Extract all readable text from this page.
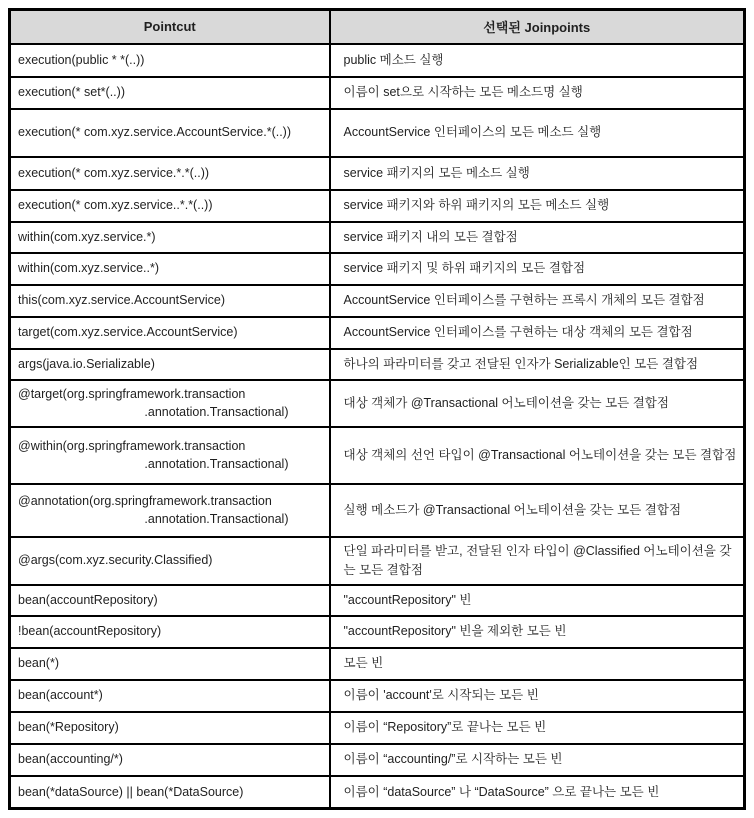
Pointcut	선택된 Joinpoints

execution(public * *(..))	public 메소드 실행

execution(* set*(..))	이름이 set으로 시작하는 모든 메소드명 실행

execution(* com.xyz.service.AccountService.*(..))	AccountService 인터페이스의 모든 메소드 실행

execution(* com.xyz.service.*.*(..))	service 패키지의 모든 메소드 실행

execution(* com.xyz.service..*.*(..))	service 패키지와 하위 패키지의 모든 메소드 실행

within(com.xyz.service.*)	service 패키지 내의 모든 결합점

within(com.xyz.service..*)	service 패키지 및 하위 패키지의 모든 결합점

this(com.xyz.service.AccountService)	AccountService 인터페이스를 구현하는 프록시 개체의 모든 결합점

target(com.xyz.service.AccountService)	AccountService 인터페이스를 구현하는 대상 객체의 모든 결합점

args(java.io.Serializable)	하나의 파라미터를 갖고 전달된 인자가 Serializable인 모든 결합점

@target(org.springframework.transaction
.annotation.Transactional)	대상 객체가 @Transactional 어노테이션을 갖는 모든 결합점

@within(org.springframework.transaction
.annotation.Transactional)	대상 객체의 선언 타입이 @Transactional 어노테이션을 갖는 모든 결합점

@annotation(org.springframework.transaction
.annotation.Transactional)	실행 메소드가 @Transactional 어노테이션을 갖는 모든 결합점

@args(com.xyz.security.Classified)	단일 파라미터를 받고, 전달된 인자 타입이 @Classified 어노테이션을 갖는 모든 결합점

bean(accountRepository)	"accountRepository" 빈

!bean(accountRepository)	"accountRepository" 빈을 제외한 모든 빈

bean(*)	모든 빈

bean(account*)	이름이 'account'로 시작되는 모든 빈

bean(*Repository)	이름이 “Repository”로 끝나는 모든 빈

bean(accounting/*)	이름이 “accounting/”로 시작하는 모든 빈

bean(*dataSource) || bean(*DataSource)	이름이 “dataSource” 나 “DataSource” 으로 끝나는 모든 빈
